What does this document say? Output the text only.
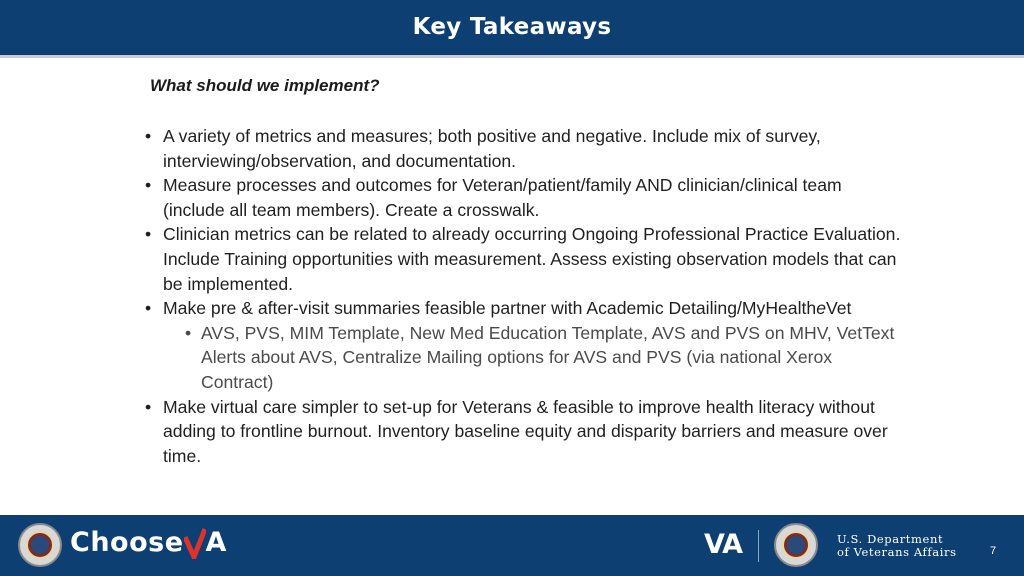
Key Takeaways
What should we implement?
• A variety of metrics and measures; both positive and negative. Include mix of survey, interviewing/observation, and documentation.
• Measure processes and outcomes for Veteran/patient/family AND clinician/clinical team (include all team members). Create a crosswalk.
• Clinician metrics can be related to already occurring Ongoing Professional Practice Evaluation. Include Training opportunities with measurement. Assess existing observation models that can be implemented.
• Make pre & after-visit summaries feasible partner with Academic Detailing/MyHealtheVet
• AVS, PVS, MIM Template, New Med Education Template, AVS and PVS on MHV, VetText Alerts about AVS, Centralize Mailing options for AVS and PVS (via national Xerox Contract)
• Make virtual care simpler to set-up for Veterans & feasible to improve health literacy without adding to frontline burnout. Inventory baseline equity and disparity barriers and measure over time.
Choose A	VA	U.S. Department
of Veterans Affairs	7
